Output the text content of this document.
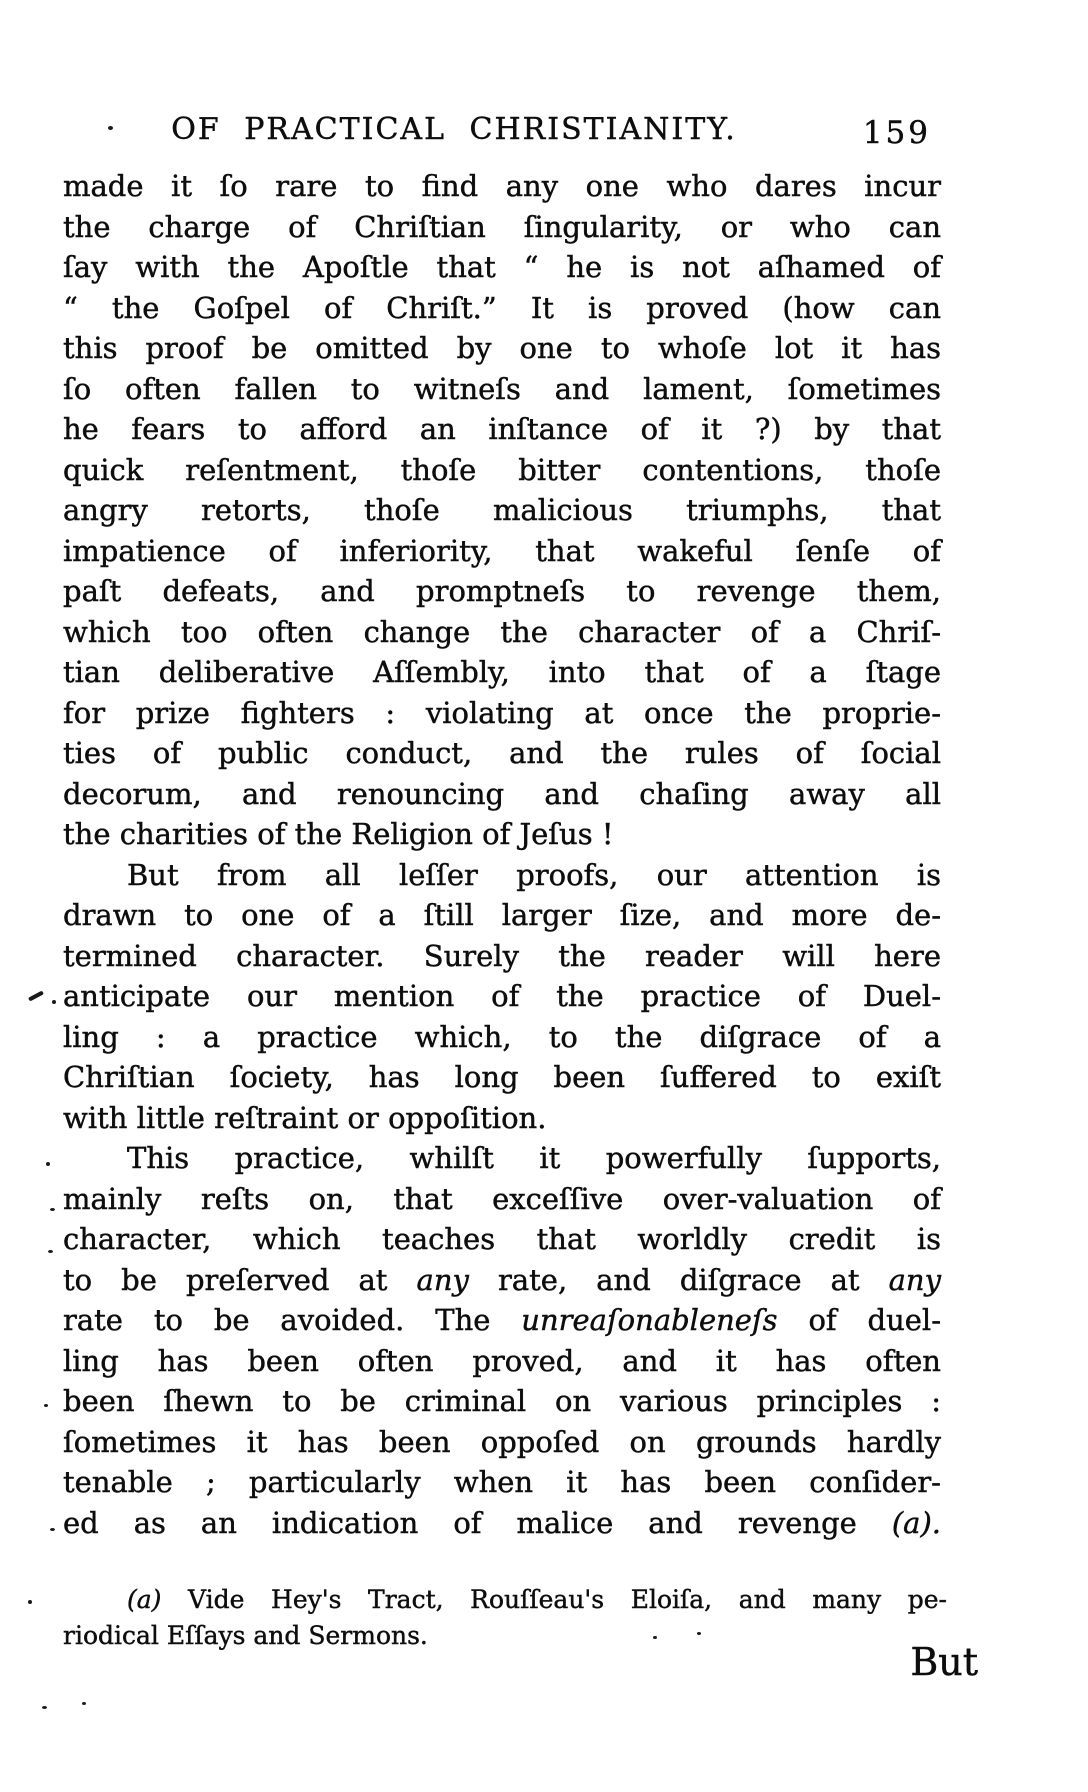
OF PRACTICAL CHRISTIANITY.	159
made it ſo rare to find any one who dares incur
the charge of Chriſtian ſingularity, or who can
ſay with the Apoſtle that “ he is not aſhamed of
“ the Goſpel of Chriſt.” It is proved (how can
this proof be omitted by one to whoſe lot it has
ſo often fallen to witneſs and lament, ſometimes
he fears to afford an inſtance of it ?) by that
quick reſentment, thoſe bitter contentions, thoſe
angry retorts, thoſe malicious triumphs, that
impatience of inferiority, that wakeful ſenſe of
paſt defeats, and promptneſs to revenge them,
which too often change the character of a Chriſ-
tian deliberative Aſſembly, into that of a ſtage
for prize fighters : violating at once the proprie-
ties of public conduct, and the rules of ſocial
decorum, and renouncing and chaſing away all
the charities of the Religion of Jeſus !
But from all leſſer proofs, our attention is
drawn to one of a ſtill larger ſize, and more de-
termined character. Surely the reader will here
anticipate our mention of the practice of Duel-
ling : a practice which, to the diſgrace of a
Chriſtian ſociety, has long been ſuffered to exiſt
with little reſtraint or oppoſition.
This practice, whilſt it powerfully ſupports,
mainly reſts on, that exceſſive over-valuation of
character, which teaches that worldly credit is
to be preſerved at any rate, and diſgrace at any
rate to be avoided. The unreaſonableneſs of duel-
ling has been often proved, and it has often
been ſhewn to be criminal on various principles :
ſometimes it has been oppoſed on grounds hardly
tenable ; particularly when it has been conſider-
ed as an indication of malice and revenge (a).
(a) Vide Hey's Tract, Rouſſeau's Eloiſa, and many pe-
riodical Eſſays and Sermons.
But
